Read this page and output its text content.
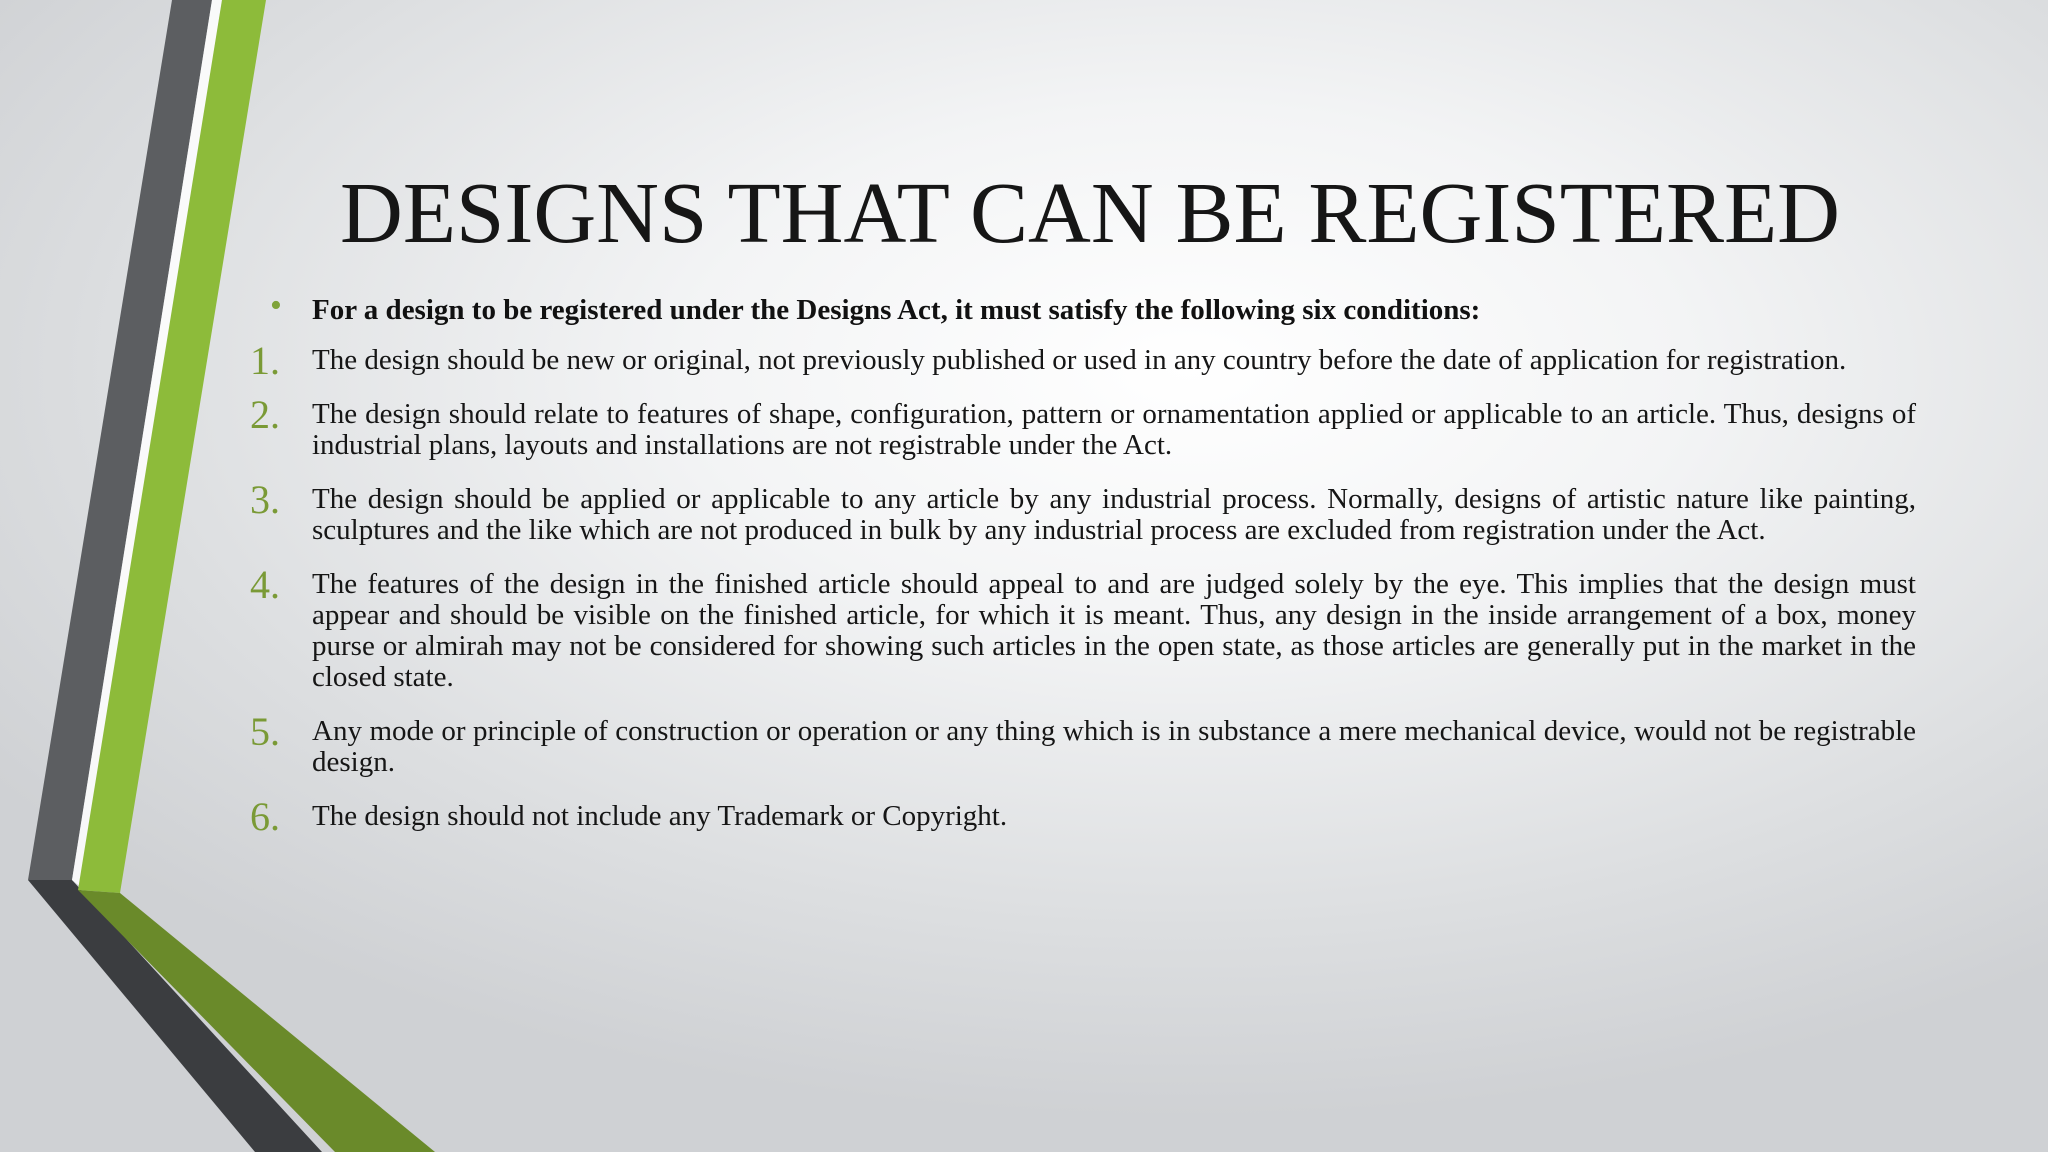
DESIGNS THAT CAN BE REGISTERED
• For a design to be registered under the Designs Act, it must satisfy the following six conditions:
1.	The design should be new or original, not previously published or used in any country before the date of application for registration.
2.	The design should relate to features of shape, configuration, pattern or ornamentation applied or applicable to an article. Thus, designs of industrial plans, layouts and installations are not registrable under the Act.
3.	The design should be applied or applicable to any article by any industrial process. Normally, designs of artistic nature like painting, sculptures and the like which are not produced in bulk by any industrial process are excluded from registration under the Act.
4.	The features of the design in the finished article should appeal to and are judged solely by the eye. This implies that the design must appear and should be visible on the finished article, for which it is meant. Thus, any design in the inside arrangement of a box, money purse or almirah may not be considered for showing such articles in the open state, as those articles are generally put in the market in the closed state.
5.	Any mode or principle of construction or operation or any thing which is in substance a mere mechanical device, would not be registrable design.
6.	The design should not include any Trademark or Copyright.
